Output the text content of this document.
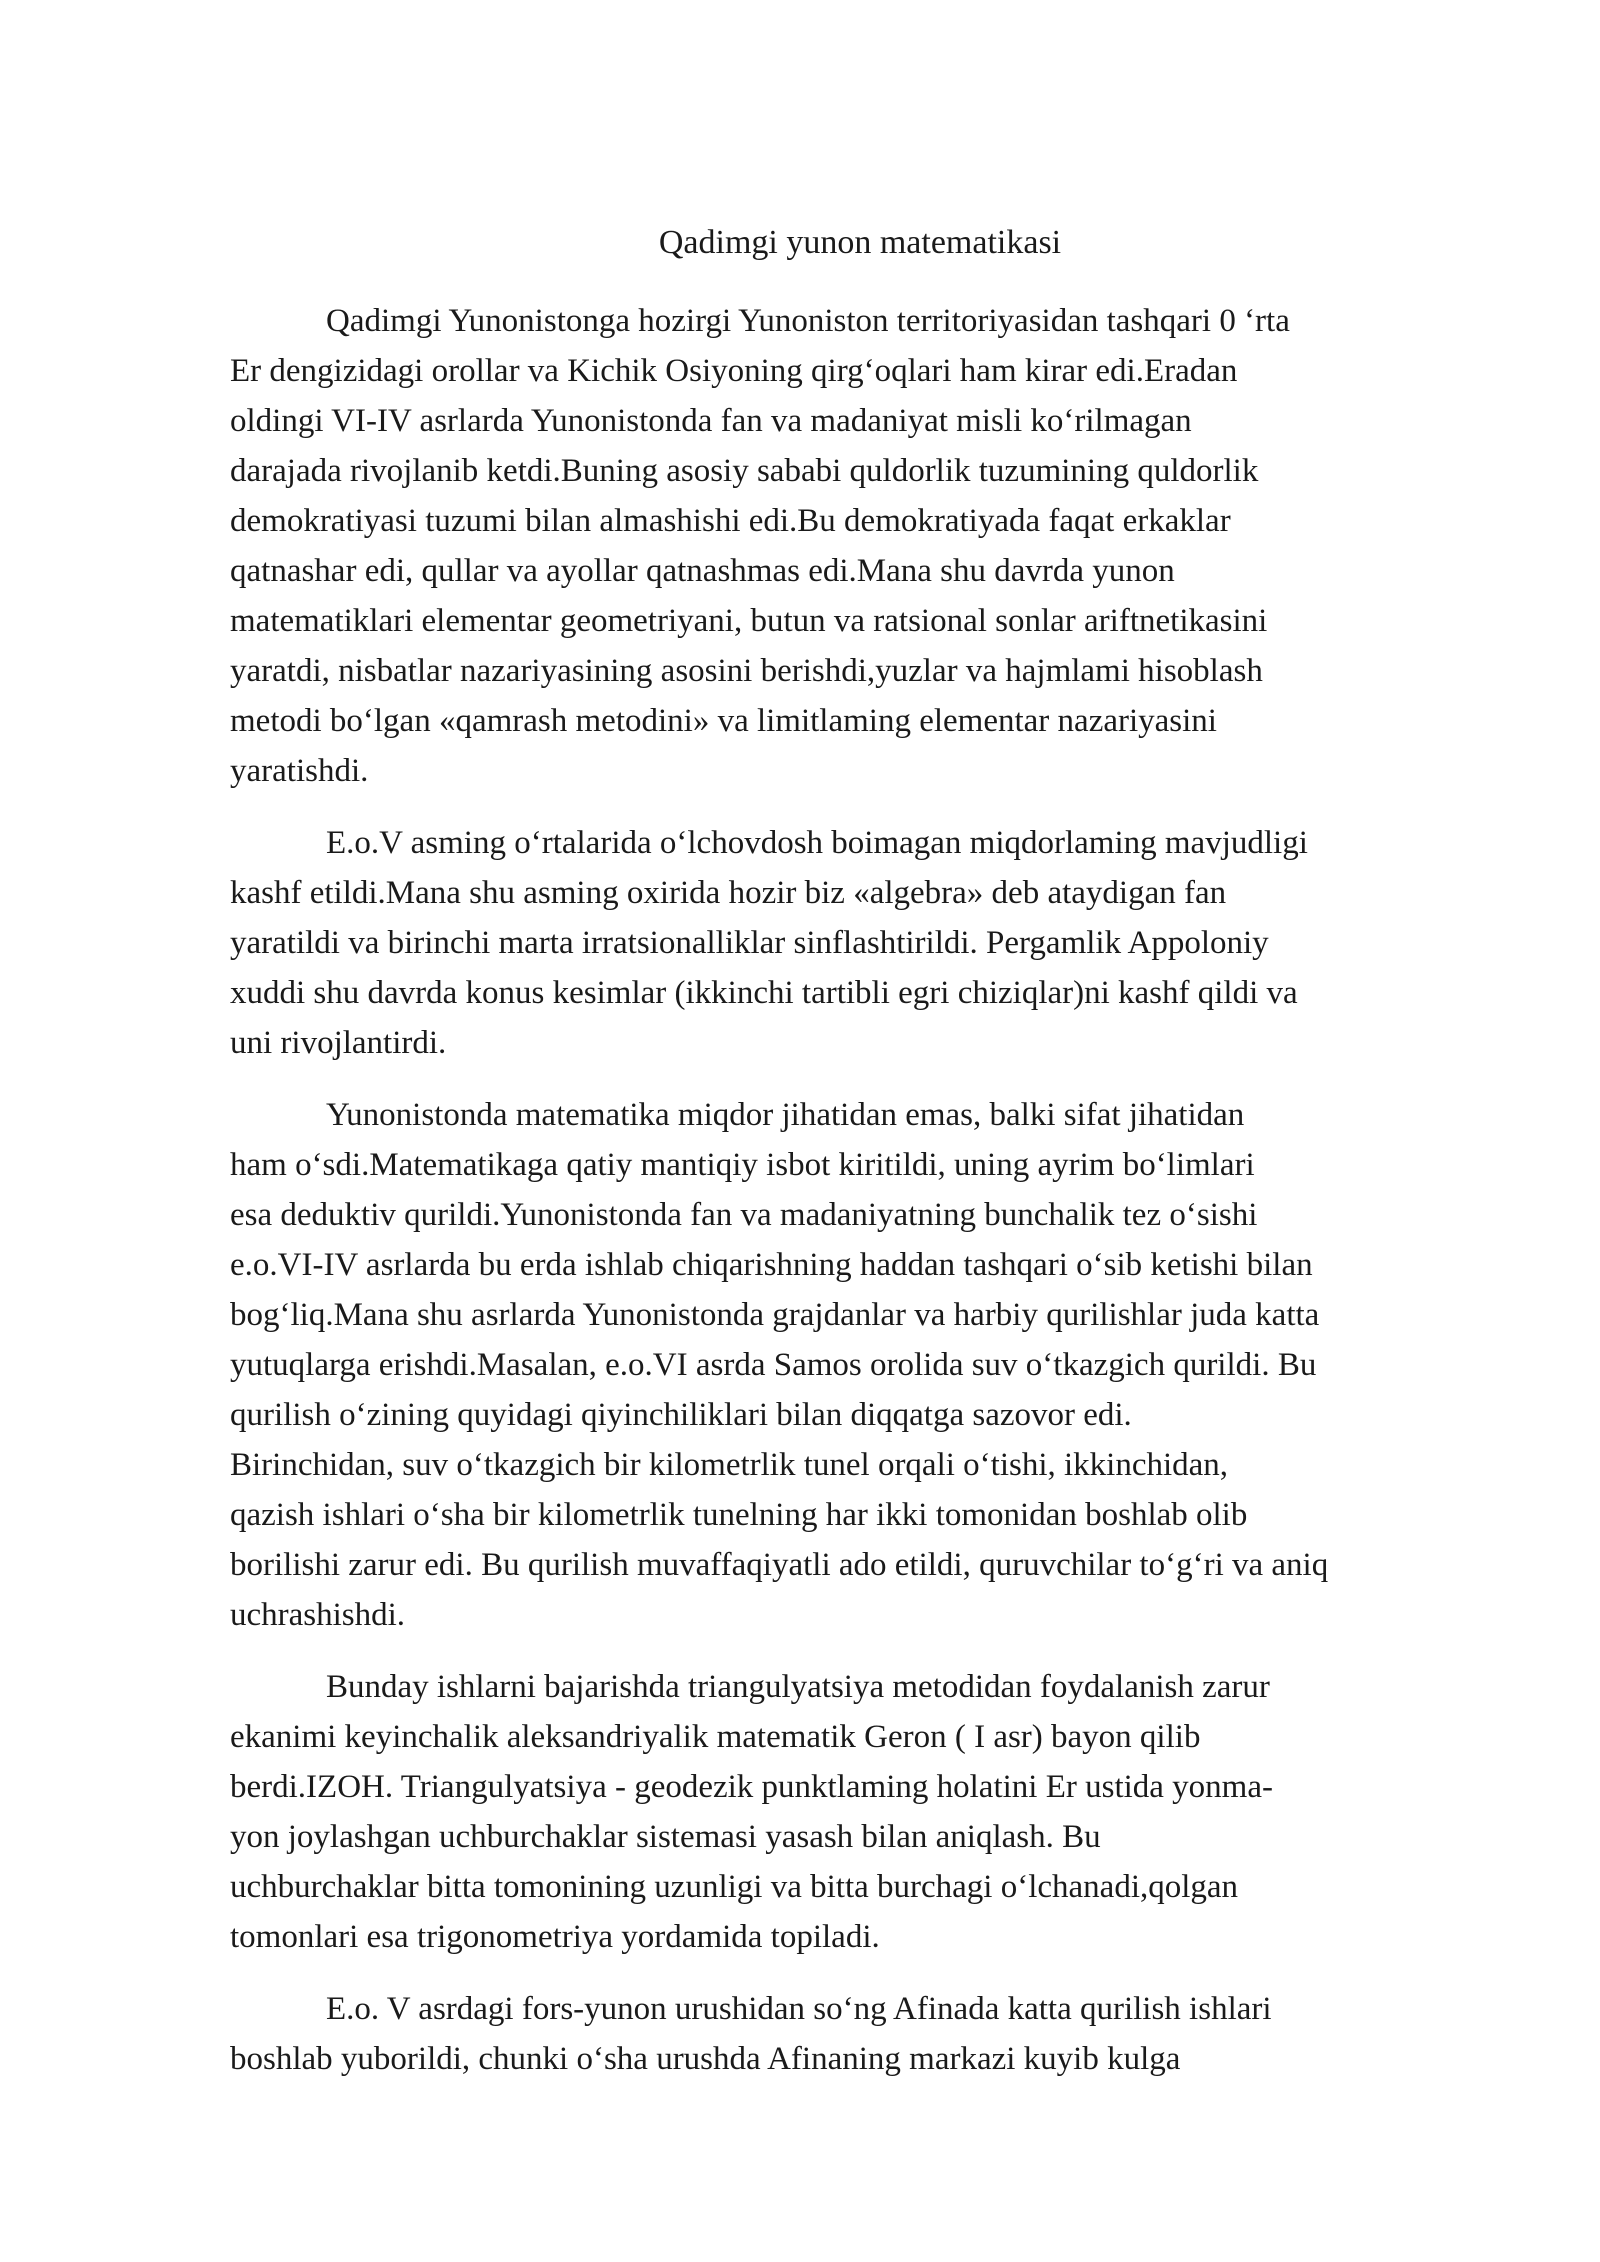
Qadimgi yunon matematikasi

Qadimgi Yunonistonga hozirgi Yunoniston territoriyasidan tashqari 0 ‘rta
Er dengizidagi orollar va Kichik Osiyoning qirg‘oqlari ham kirar edi.Eradan
oldingi VI-IV asrlarda Yunonistonda fan va madaniyat misli ko‘rilmagan
darajada rivojlanib ketdi.Buning asosiy sababi quldorlik tuzumining quldorlik
demokratiyasi tuzumi bilan almashishi edi.Bu demokratiyada faqat erkaklar
qatnashar edi, qullar va ayollar qatnashmas edi.Mana shu davrda yunon
matematiklari elementar geometriyani, butun va ratsional sonlar ariftnetikasini
yaratdi, nisbatlar nazariyasining asosini berishdi,yuzlar va hajmlami hisoblash
metodi bo‘lgan «qamrash metodini» va limitlaming elementar nazariyasini
yaratishdi.

E.o.V asming o‘rtalarida o‘lchovdosh boimagan miqdorlaming mavjudligi
kashf etildi.Mana shu asming oxirida hozir biz «algebra» deb ataydigan fan
yaratildi va birinchi marta irratsionalliklar sinflashtirildi. Pergamlik Appoloniy
xuddi shu davrda konus kesimlar (ikkinchi tartibli egri chiziqlar)ni kashf qildi va
uni rivojlantirdi.

Yunonistonda matematika miqdor jihatidan emas, balki sifat jihatidan
ham o‘sdi.Matematikaga qatiy mantiqiy isbot kiritildi, uning ayrim bo‘limlari
esa deduktiv qurildi.Yunonistonda fan va madaniyatning bunchalik tez o‘sishi
e.o.VI-IV asrlarda bu erda ishlab chiqarishning haddan tashqari o‘sib ketishi bilan
bog‘liq.Mana shu asrlarda Yunonistonda grajdanlar va harbiy qurilishlar juda katta
yutuqlarga erishdi.Masalan, e.o.VI asrda Samos orolida suv o‘tkazgich qurildi. Bu
qurilish o‘zining quyidagi qiyinchiliklari bilan diqqatga sazovor edi.
Birinchidan, suv o‘tkazgich bir kilometrlik tunel orqali o‘tishi, ikkinchidan,
qazish ishlari o‘sha bir kilometrlik tunelning har ikki tomonidan boshlab olib
borilishi zarur edi. Bu qurilish muvaffaqiyatli ado etildi, quruvchilar to‘g‘ri va aniq
uchrashishdi.

Bunday ishlarni bajarishda triangulyatsiya metodidan foydalanish zarur
ekanimi keyinchalik aleksandriyalik matematik Geron ( I asr) bayon qilib
berdi.IZOH. Triangulyatsiya - geodezik punktlaming holatini Er ustida yonma-
yon joylashgan uchburchaklar sistemasi yasash bilan aniqlash. Bu
uchburchaklar bitta tomonining uzunligi va bitta burchagi o‘lchanadi,qolgan
tomonlari esa trigonometriya yordamida topiladi.

E.o. V asrdagi fors-yunon urushidan so‘ng Afinada katta qurilish ishlari
boshlab yuborildi, chunki o‘sha urushda Afinaning markazi kuyib kulga
